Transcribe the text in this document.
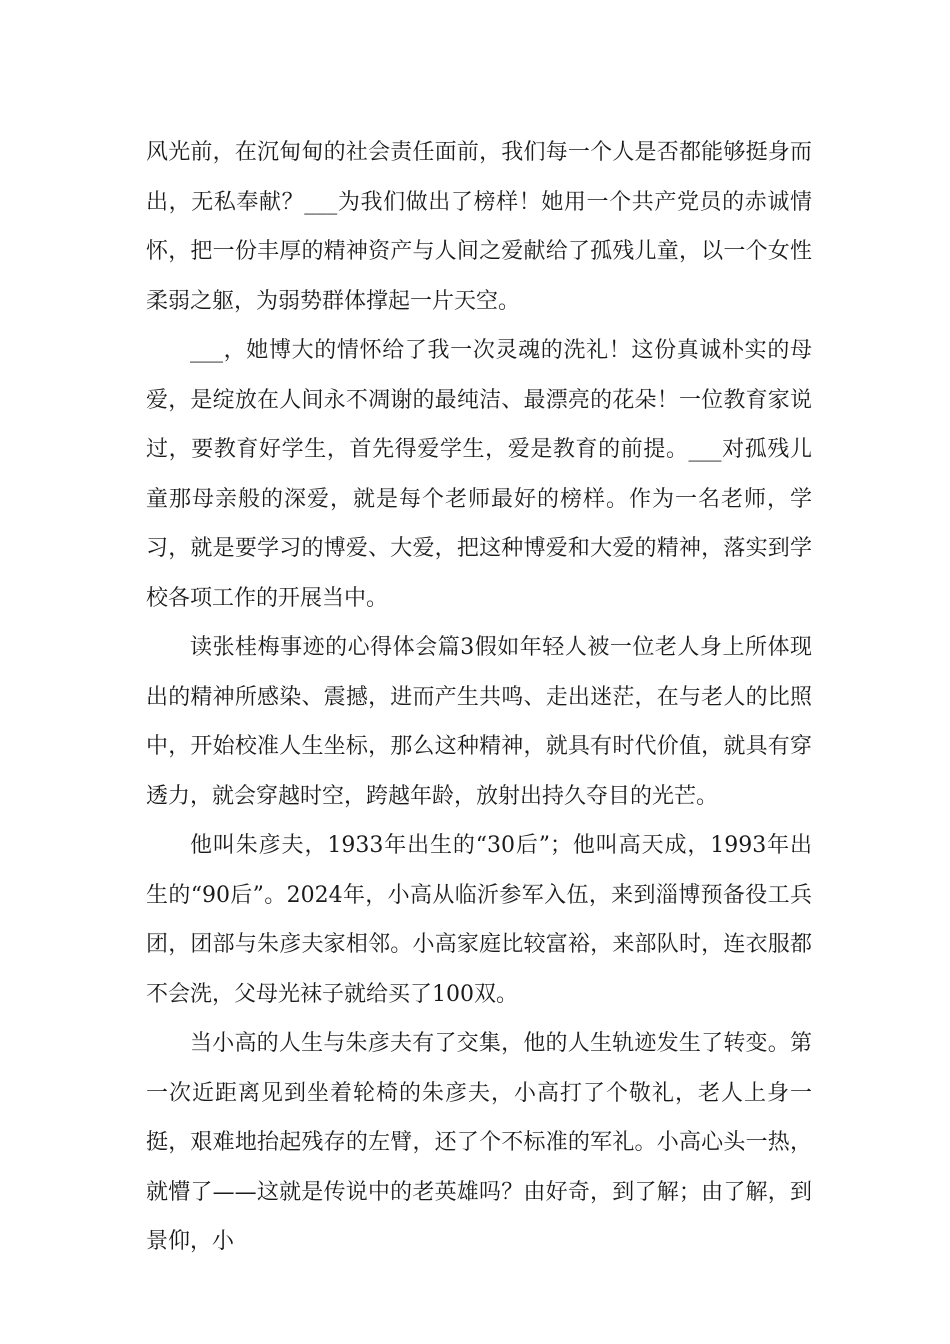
风光前，在沉甸甸的社会责任面前，我们每一个人是否都能够挺身而出，无私奉献？___为我们做出了榜样！她用一个共产党员的赤诚情怀，把一份丰厚的精神资产与人间之爱献给了孤残儿童，以一个女性柔弱之躯，为弱势群体撑起一片天空。

___，她博大的情怀给了我一次灵魂的洗礼！这份真诚朴实的母爱，是绽放在人间永不凋谢的最纯洁、最漂亮的花朵！一位教育家说过，要教育好学生，首先得爱学生，爱是教育的前提。___对孤残儿童那母亲般的深爱，就是每个老师最好的榜样。作为一名老师，学习，就是要学习的博爱、大爱，把这种博爱和大爱的精神，落实到学校各项工作的开展当中。

读张桂梅事迹的心得体会篇3假如年轻人被一位老人身上所体现出的精神所感染、震撼，进而产生共鸣、走出迷茫，在与老人的比照中，开始校准人生坐标，那么这种精神，就具有时代价值，就具有穿透力，就会穿越时空，跨越年龄，放射出持久夺目的光芒。

他叫朱彦夫，1933年出生的“30后”；他叫高天成，1993年出生的“90后”。2024年，小高从临沂参军入伍，来到淄博预备役工兵团，团部与朱彦夫家相邻。小高家庭比较富裕，来部队时，连衣服都不会洗，父母光袜子就给买了100双。

当小高的人生与朱彦夫有了交集，他的人生轨迹发生了转变。第一次近距离见到坐着轮椅的朱彦夫，小高打了个敬礼，老人上身一挺，艰难地抬起残存的左臂，还了个不标准的军礼。小高心头一热，就懵了——这就是传说中的老英雄吗？由好奇，到了解；由了解，到景仰，小
